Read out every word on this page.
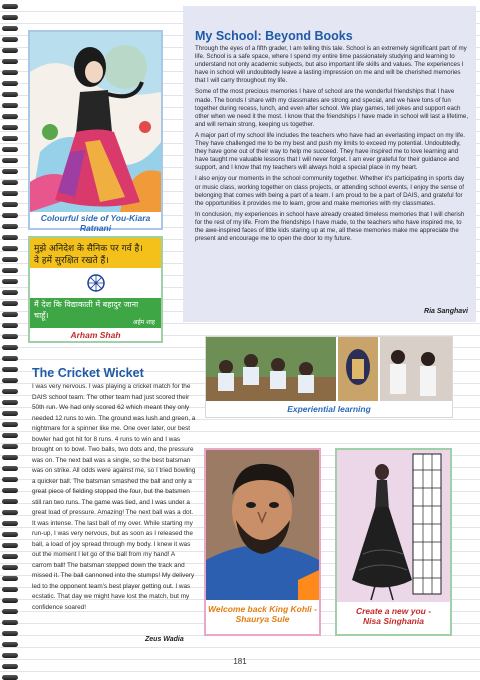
Colourful side of You-Kiara Ratnani
मुझे अनिदेश के सैनिक पर गर्व है।
वे हमें सुरक्षित रखते हैं।
मैं देश कि विद्याकाती में बहादुर जाना
चाहूँ।
अर्हम शाह
Arham Shah
My School: Beyond Books

Through the eyes of a fifth grader, I am telling this tale. School is an extremely significant part of my life. School is a safe space, where I spend my entire time passionately studying and learning to understand not only academic subjects, but also important life skills and values. The experiences I have in school will undoubtedly leave a lasting impression on me and will be cherished memories that I will carry throughout my life.

Some of the most precious memories I have of school are the wonderful friendships that I have made. The bonds I share with my classmates are strong and special, and we have tons of fun together during recess, lunch, and even after school. We play games, tell jokes and support each other when we need it the most. I know that the friendships I have made in school will last a lifetime, and will remain strong, keeping us together.

A major part of my school life includes the teachers who have had an everlasting impact on my life. They have challenged me to be my best and push my limits to exceed my potential. Undoubtedly, they have gone out of their way to help me succeed. They have inspired me to love learning and have taught me valuable lessons that I will never forget. I am ever grateful for their guidance and support, and I know that my teachers will always hold a special place in my heart.

I also enjoy our moments in the school community together. Whether it's participating in sports day or music class, working together on class projects, or attending school events, I enjoy the sense of belonging that comes with being a part of a team. I am proud to be a part of DAIS, and grateful for the opportunities it provides me to learn, grow and make memories with my classmates.

In conclusion, my experiences in school have already created timeless memories that I will cherish for the rest of my life. From the friendships I have made, to the teachers who have inspired me, to the awe-inspired faces of little kids staring up at me, all these memories make me appreciate the present and encourage me to open the door to my future.

Ria Sanghavi
Experiential learning
The Cricket Wicket

I was very nervous. I was playing a cricket match for the DAIS school team. The other team had just scored their 50th run. We had only scored 62 which meant they only needed 12 runs to win. The ground was lush and green, a nightmare for a spinner like me. One over later, our best bowler had got hit for 8 runs. 4 runs to win and I was brought on to bowl. Two balls, two dots and, the pressure was on. The next ball was a single, so the best batsman was on strike. All odds were against me, so I tried bowling a quicker ball. The batsman smashed the ball and only a great piece of fielding stopped the four, but the batsmen still ran two runs. The game was tied, and I was under a great load of pressure. Amazing! The next ball was a dot. It was intense. The last ball of my over. While starting my run-up, I was very nervous, but as soon as I released the ball, a load of joy spread through my body. I knew it was out the moment I let go of the ball from my hand! A carrom ball! The batsman stepped down the track and missed it. The ball cannoned into the stumps! My delivery led to the opponent team's best player getting out. I was ecstatic. That day we might have lost the match, but my confidence soared!

Zeus Wadia
Welcome back King Kohli -
Shaurya Sule
Create a new you -
Nisa Singhania
181
